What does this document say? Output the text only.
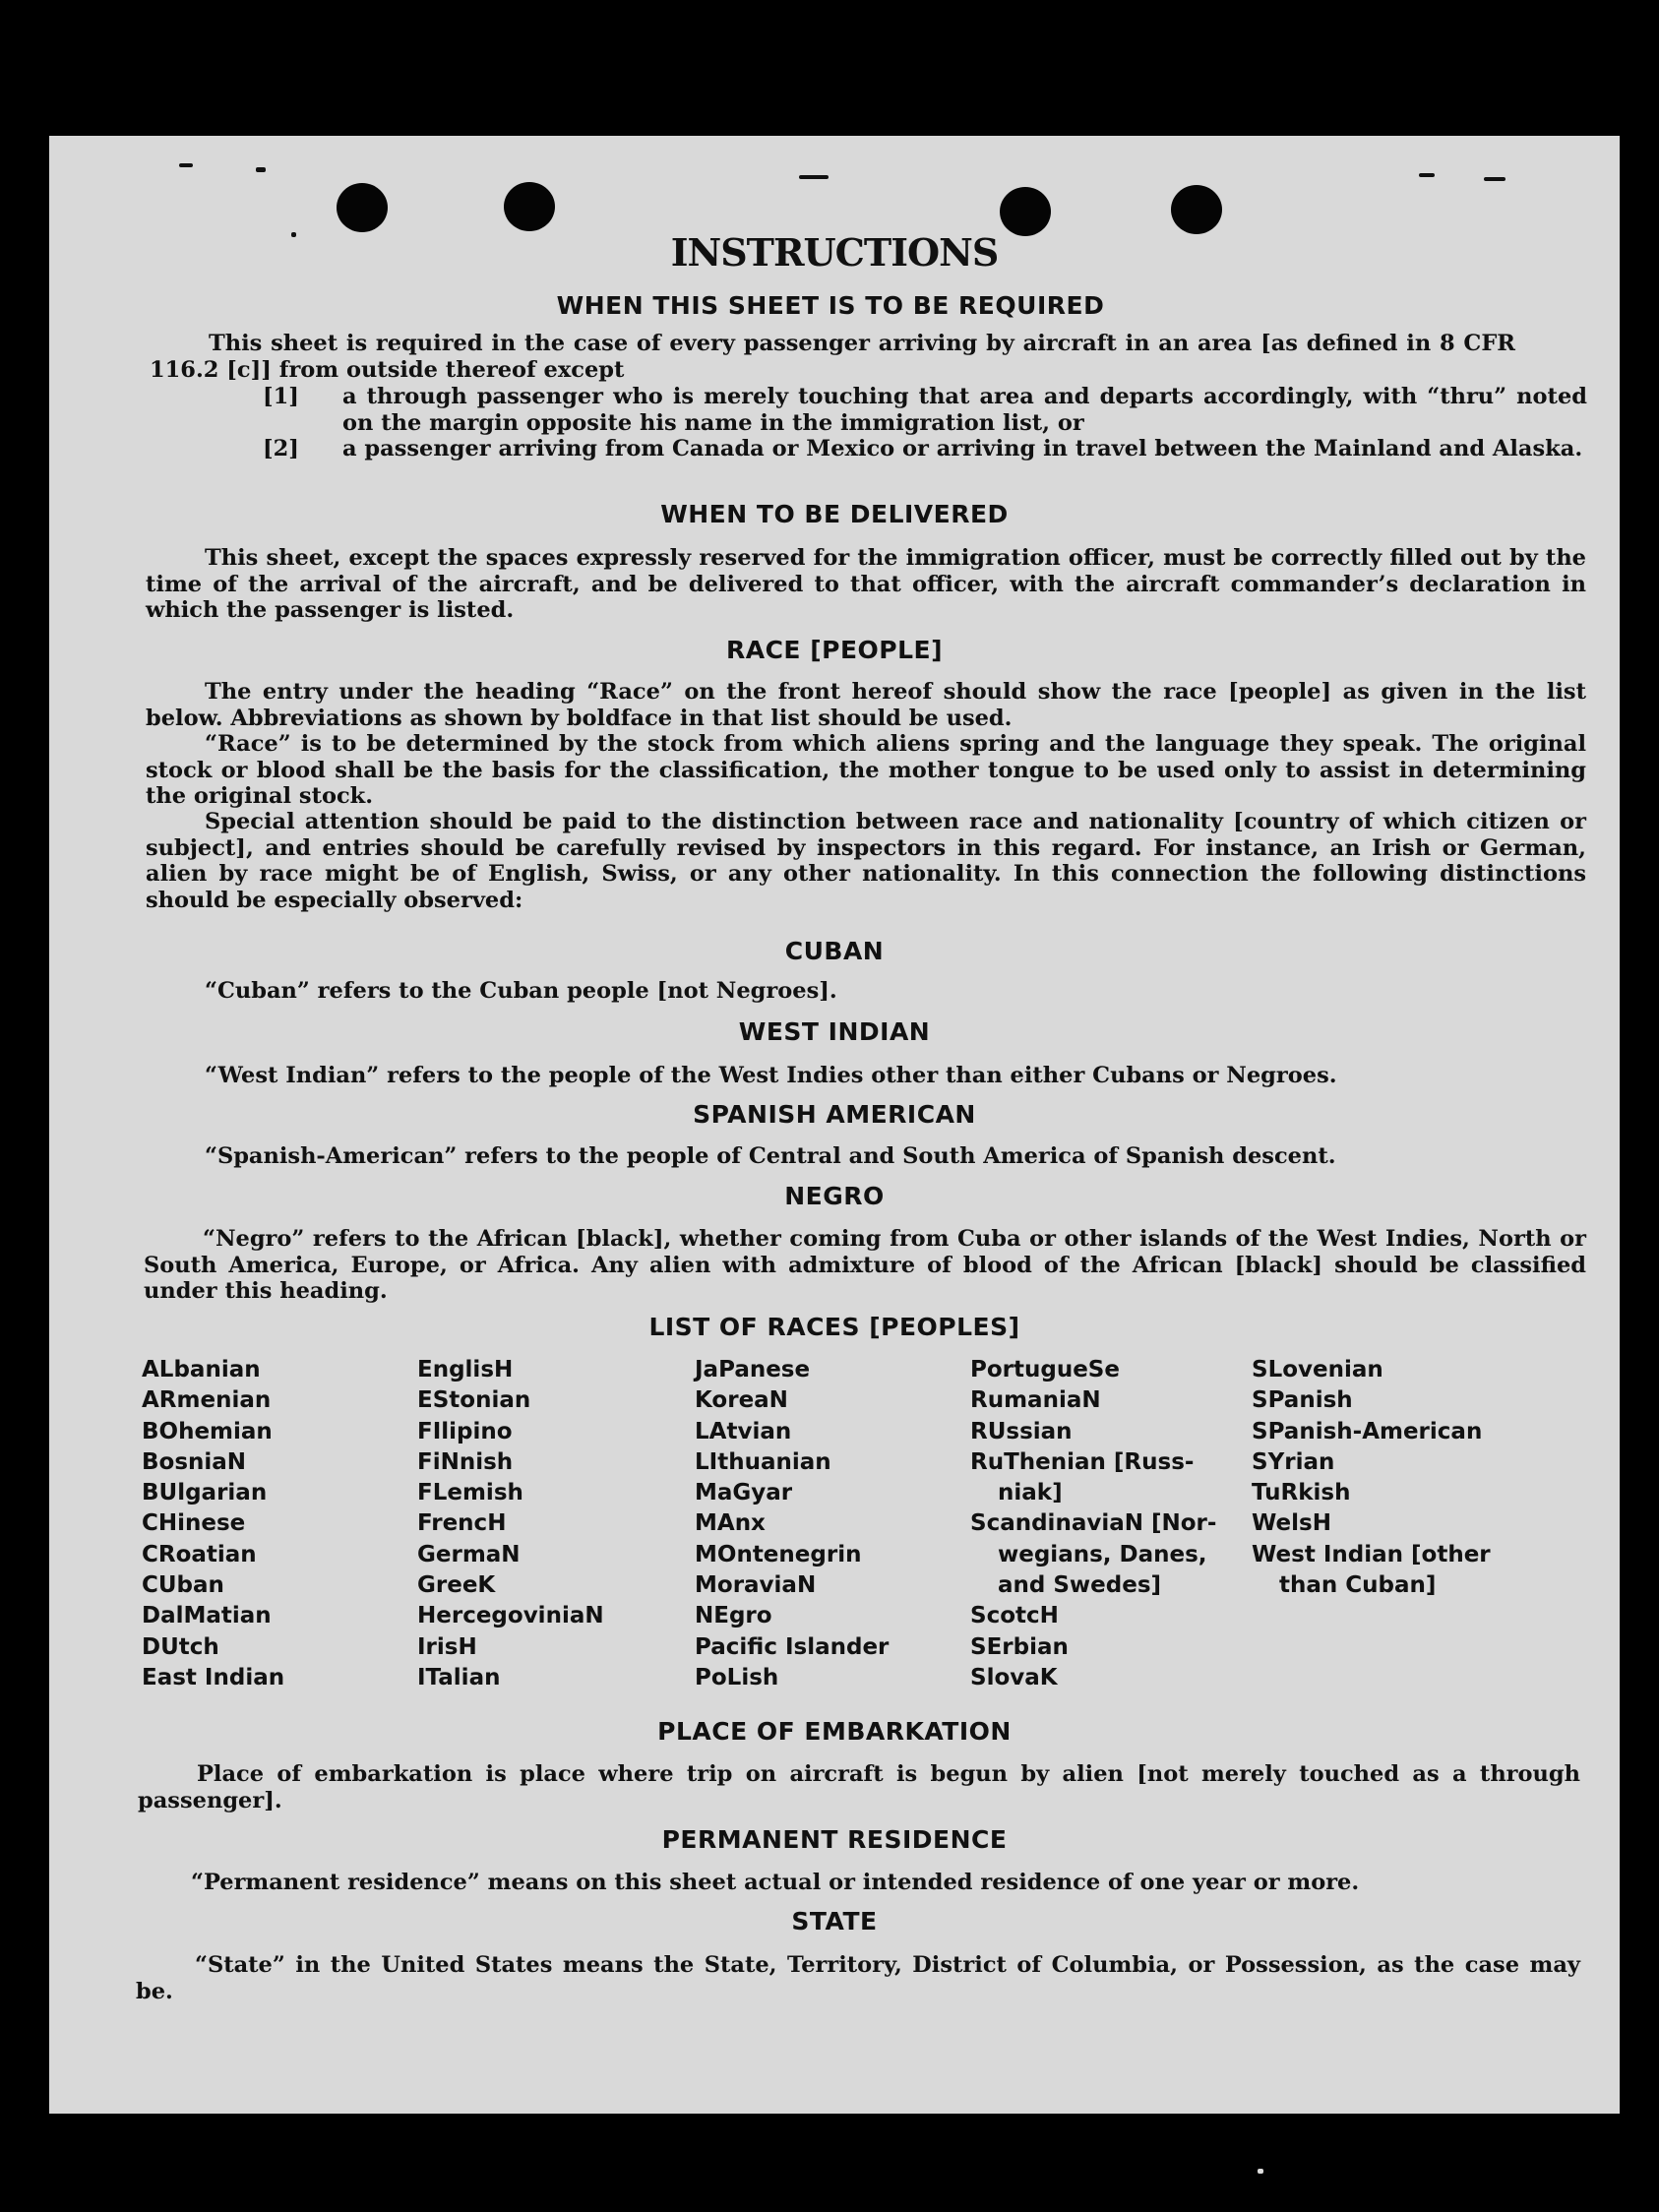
INSTRUCTIONS
WHEN THIS SHEET IS TO BE REQUIRED
This sheet is required in the case of every passenger arriving by aircraft in an area [as defined in 8 CFR 116.2 [c]] from outside thereof except
[1] a through passenger who is merely touching that area and departs accordingly, with “thru” noted on the margin opposite his name in the immigration list, or
[2] a passenger arriving from Canada or Mexico or arriving in travel between the Mainland and Alaska.
WHEN TO BE DELIVERED
This sheet, except the spaces expressly reserved for the immigration officer, must be correctly filled out by the time of the arrival of the aircraft, and be delivered to that officer, with the aircraft commander’s declaration in which the passenger is listed.
RACE [PEOPLE]
The entry under the heading “Race” on the front hereof should show the race [people] as given in the list below. Abbreviations as shown by boldface in that list should be used.
“Race” is to be determined by the stock from which aliens spring and the language they speak. The original stock or blood shall be the basis for the classification, the mother tongue to be used only to assist in determining the original stock.
Special attention should be paid to the distinction between race and nationality [country of which citizen or subject], and entries should be carefully revised by inspectors in this regard. For instance, an Irish or German, alien by race might be of English, Swiss, or any other nationality. In this connection the following distinctions should be especially observed:
CUBAN
“Cuban” refers to the Cuban people [not Negroes].
WEST INDIAN
“West Indian” refers to the people of the West Indies other than either Cubans or Negroes.
SPANISH AMERICAN
“Spanish-American” refers to the people of Central and South America of Spanish descent.
NEGRO
“Negro” refers to the African [black], whether coming from Cuba or other islands of the West Indies, North or South America, Europe, or Africa. Any alien with admixture of blood of the African [black] should be classified under this heading.
LIST OF RACES [PEOPLES]
ALbanian
ARmenian
BOhemian
BosniaN
BUlgarian
CHinese
CRoatian
CUban
DalMatian
DUtch
East Indian
EnglisH
EStonian
FIlipino
FiNnish
FLemish
FrencH
GermaN
GreeK
HercegoviniaN
IrisH
ITalian
JaPanese
KoreaN
LAtvian
LIthuanian
MaGyar
MAnx
MOntenegrin
MoraviaN
NEgro
Pacific Islander
PoLish
PortugueSe
RumaniaN
RUssian
RuThenian [Russ-
niak]
ScandinaviaN [Nor-
wegians, Danes,
and Swedes]
ScotcH
SErbian
SlovaK
SLovenian
SPanish
SPanish-American
SYrian
TuRkish
WelsH
West Indian [other
than Cuban]
PLACE OF EMBARKATION
Place of embarkation is place where trip on aircraft is begun by alien [not merely touched as a through passenger].
PERMANENT RESIDENCE
“Permanent residence” means on this sheet actual or intended residence of one year or more.
STATE
“State” in the United States means the State, Territory, District of Columbia, or Possession, as the case may be.
